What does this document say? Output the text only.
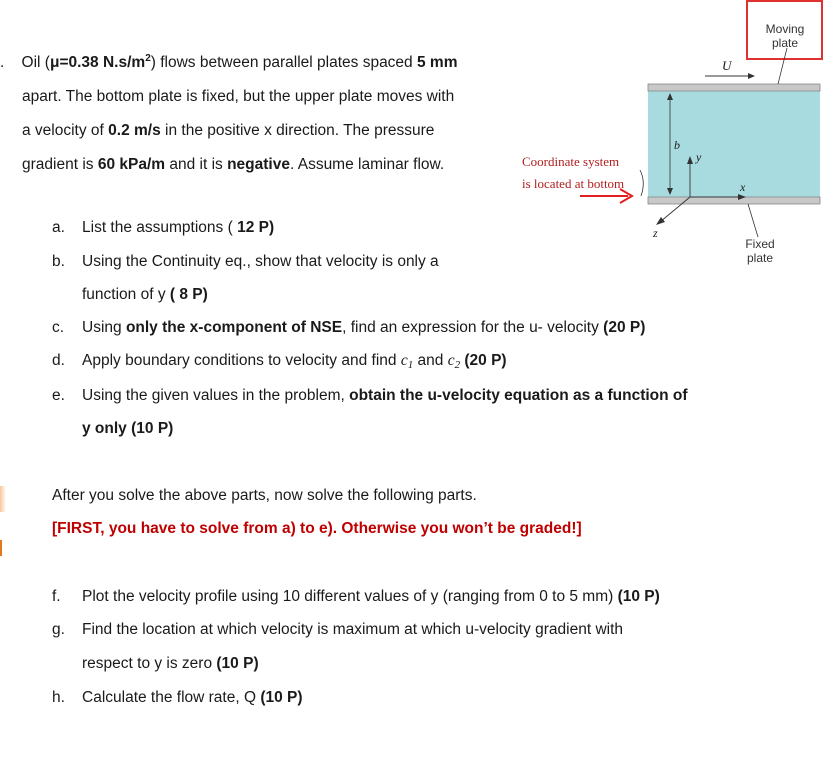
. Oil (μ=0.38 $N.s/m^2$) flows between parallel plates spaced 5 mm

apart. The bottom plate is fixed, but the upper plate moves with

a velocity of 0.2 m/s in the positive x direction. The pressure

gradient is 60 kPa/m and it is negative. Assume laminar flow.

Moving plate
U
b
y
x
z
Fixed plate
Coordinate system
is located at bottom
a. List the assumptions ( 12 P)
b. Using the Continuity eq., show that velocity is only a
function of y ( 8 P)
c. Using only the x-component of NSE, find an expression for the u- velocity (20 P)
d. Apply boundary conditions to velocity and find $c_1$ and $c_2$ (20 P)
e. Using the given values in the problem, obtain the u-velocity equation as a function of
y only (10 P)
After you solve the above parts, now solve the following parts.
[FIRST, you have to solve from a) to e). Otherwise you won’t be graded!]
f. Plot the velocity profile using 10 different values of y (ranging from 0 to 5 mm) (10 P)
g. Find the location at which velocity is maximum at which u-velocity gradient with
respect to y is zero (10 P)
h. Calculate the flow rate, Q (10 P)
